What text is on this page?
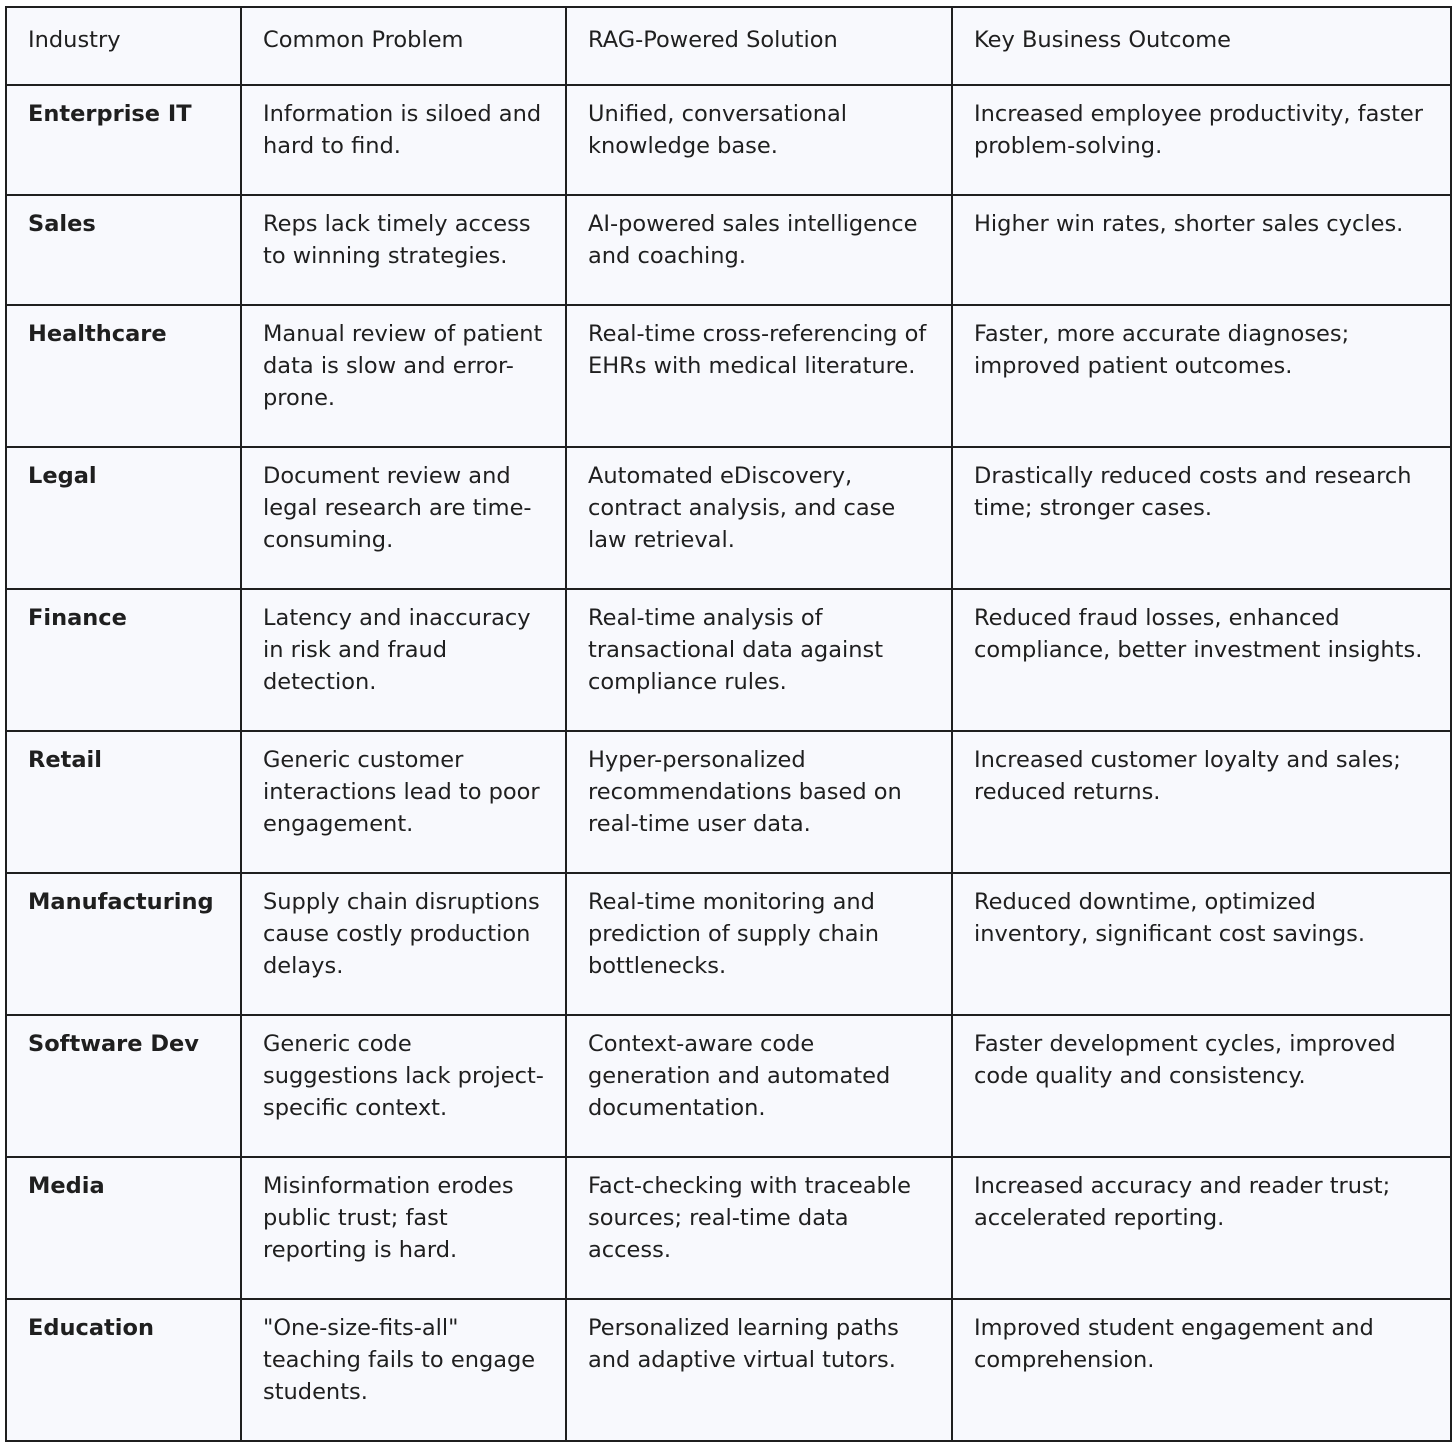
Industry	Common Problem	RAG-Powered Solution	Key Business Outcome
Enterprise IT	Information is siloed and hard to find.	Unified, conversational knowledge base.	Increased employee productivity, faster problem-solving.
Sales	Reps lack timely access to winning strategies.	AI-powered sales intelligence and coaching.	Higher win rates, shorter sales cycles.
Healthcare	Manual review of patient data is slow and error-prone.	Real-time cross-referencing of EHRs with medical literature.	Faster, more accurate diagnoses; improved patient outcomes.
Legal	Document review and legal research are time-consuming.	Automated eDiscovery, contract analysis, and case law retrieval.	Drastically reduced costs and research time; stronger cases.
Finance	Latency and inaccuracy in risk and fraud detection.	Real-time analysis of transactional data against compliance rules.	Reduced fraud losses, enhanced compliance, better investment insights.
Retail	Generic customer interactions lead to poor engagement.	Hyper-personalized recommendations based on real-time user data.	Increased customer loyalty and sales; reduced returns.
Manufacturing	Supply chain disruptions cause costly production delays.	Real-time monitoring and prediction of supply chain bottlenecks.	Reduced downtime, optimized inventory, significant cost savings.
Software Dev	Generic code suggestions lack project-specific context.	Context-aware code generation and automated documentation.	Faster development cycles, improved code quality and consistency.
Media	Misinformation erodes public trust; fast reporting is hard.	Fact-checking with traceable sources; real-time data access.	Increased accuracy and reader trust; accelerated reporting.
Education	"One-size-fits-all" teaching fails to engage students.	Personalized learning paths and adaptive virtual tutors.	Improved student engagement and comprehension.
